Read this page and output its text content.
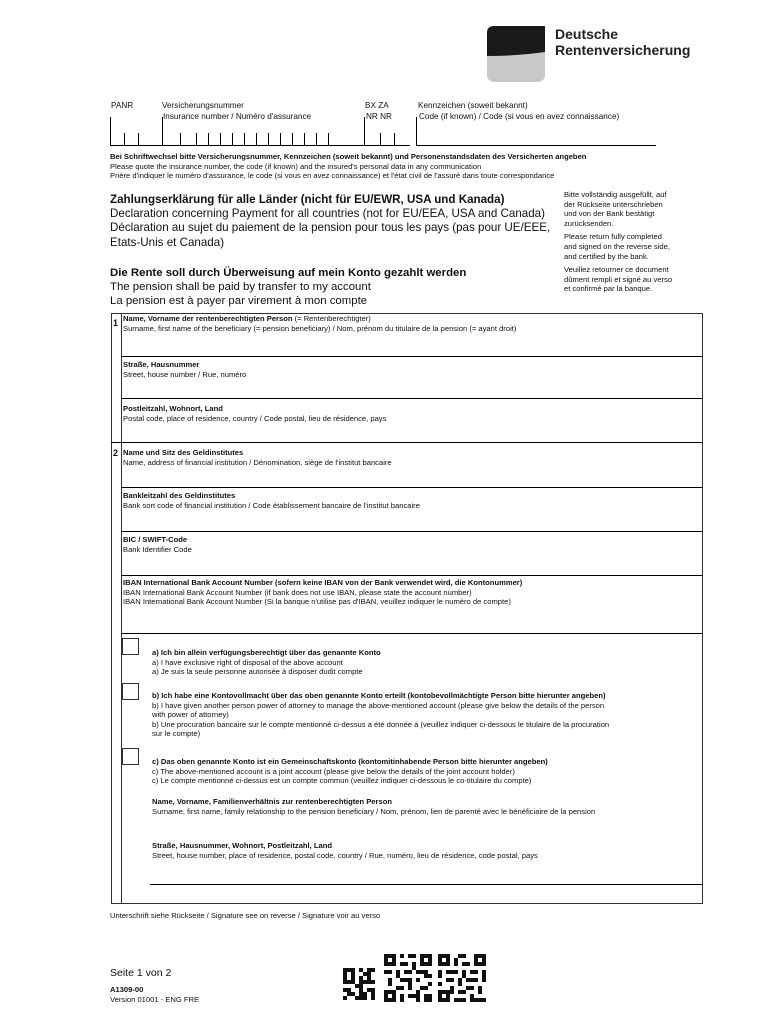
Deutsche
Rentenversicherung
PANR	Versicherungsnummer
Insurance number / Numéro d'assurance
BX ZA
NR NR
Kennzeichen (soweit bekannt)
Code (if known) / Code (si vous en avez connaissance)
Bei Schriftwechsel bitte Versicherungsnummer, Kennzeichen (soweit bekannt) und Personenstandsdaten des Versicherten angeben
Please quote the insurance number, the code (if known) and the insured's personal data in any communication
Prière d'indiquer le numéro d'assurance, le code (si vous en avez connaissance) et l'état civil de l'assuré dans toute correspondance
Zahlungserklärung für alle Länder (nicht für EU/EWR, USA und Kanada)
Declaration concerning Payment for all countries (not for EU/EEA, USA and Canada)
Déclaration au sujet du paiement de la pension pour tous les pays (pas pour UE/EEE,
Etats-Unis et Canada)
Die Rente soll durch Überweisung auf mein Konto gezahlt werden
The pension shall be paid by transfer to my account
La pension est à payer par virement à mon compte
Bitte vollständig ausgefüllt, auf
der Rückseite unterschrieben
und von der Bank bestätigt
zurücksenden.
Please return fully completed
and signed on the reverse side,
and certified by the bank.
Veuillez retourner ce document
dûment rempli et signé au verso
et confirmé par la banque.
1
2
Name, Vorname der rentenberechtigten Person (= Rentenberechtigter)
Surname, first name of the beneficiary (= pension beneficiary) / Nom, prénom du titulaire de la pension (= ayant droit)
Straße, Hausnummer
Street, house number / Rue, numéro
Postleitzahl, Wohnort, Land
Postal code, place of residence, country / Code postal, lieu de résidence, pays
Name und Sitz des Geldinstitutes
Name, address of financial institution / Dénomination, siège de l'institut bancaire
Bankleitzahl des Geldinstitutes
Bank sort code of financial institution / Code établissement bancaire de l'institut bancaire
BIC / SWIFT-Code
Bank Identifier Code
IBAN International Bank Account Number (sofern keine IBAN von der Bank verwendet wird, die Kontonummer)
IBAN International Bank Account Number (if bank does not use IBAN, please state the account number)
IBAN International Bank Account Number (Si la banque n'utilise pas d'IBAN, veuillez indiquer le numéro de compte)
a) Ich bin allein verfügungsberechtigt über das genannte Konto
a) I have exclusive right of disposal of the above account
a) Je suis la seule personne autorisée à disposer dudit compte
b) Ich habe eine Kontovollmacht über das oben genannte Konto erteilt (kontobevollmächtigte Person bitte hierunter angeben)
b) I have given another person power of attorney to manage the above-mentioned account (please give below the details of the person
with power of attorney)
b) Une procuration bancaire sur le compte mentionné ci-dessus a été donnée à (veuillez indiquer ci-dessous le titulaire de la procuration
sur le compte)
c) Das oben genannte Konto ist ein Gemeinschaftskonto (kontomitinhabende Person bitte hierunter angeben)
c) The above-mentioned account is a joint account (please give below the details of the joint account holder)
c) Le compte mentionné ci-dessus est un compte commun (veuillez indiquer ci-dessous le co-titulaire du compte)
Name, Vorname, Familienverhältnis zur rentenberechtigten Person
Surname, first name, family relationship to the pension beneficiary / Nom, prénom, lien de parenté avec le bénéficiaire de la pension
Straße, Hausnummer, Wohnort, Postleitzahl, Land
Street, house number, place of residence, postal code, country / Rue, numéro, lieu de résidence, code postal, pays
Unterschrift siehe Rückseite / Signature see on reverse / Signature voir au verso
Seite 1 von 2
A1309-00
Version 01001 - ENG FRE
